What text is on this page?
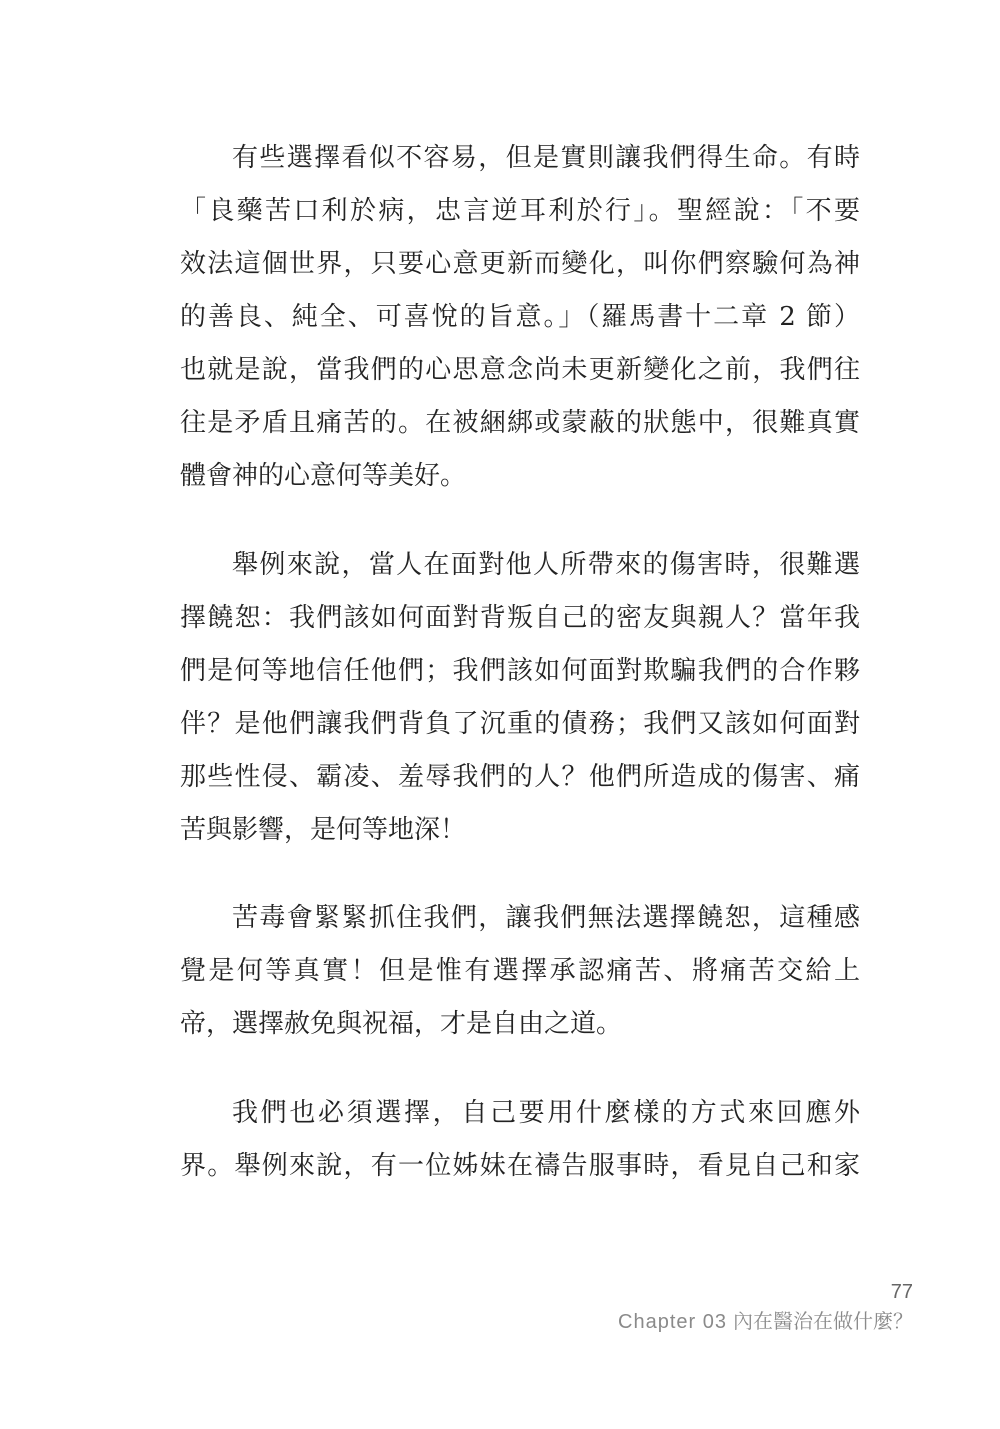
有些選擇看似不容易，但是實則讓我們得生命。有時
「良藥苦口利於病，忠言逆耳利於行」。聖經說：「不要
效法這個世界，只要心意更新而變化，叫你們察驗何為神
的善良、純全、可喜悅的旨意。」（羅馬書十二章 2 節）
也就是說，當我們的心思意念尚未更新變化之前，我們往
往是矛盾且痛苦的。在被綑綁或蒙蔽的狀態中，很難真實
體會神的心意何等美好。
舉例來說，當人在面對他人所帶來的傷害時，很難選
擇饒恕：我們該如何面對背叛自己的密友與親人？當年我
們是何等地信任他們；我們該如何面對欺騙我們的合作夥
伴？是他們讓我們背負了沉重的債務；我們又該如何面對
那些性侵、霸凌、羞辱我們的人？他們所造成的傷害、痛
苦與影響，是何等地深！
苦毒會緊緊抓住我們，讓我們無法選擇饒恕，這種感
覺是何等真實！但是惟有選擇承認痛苦、將痛苦交給上
帝，選擇赦免與祝福，才是自由之道。
我們也必須選擇，自己要用什麼樣的方式來回應外
界。舉例來說，有一位姊妹在禱告服事時，看見自己和家
77
Chapter 03 內在醫治在做什麼？
